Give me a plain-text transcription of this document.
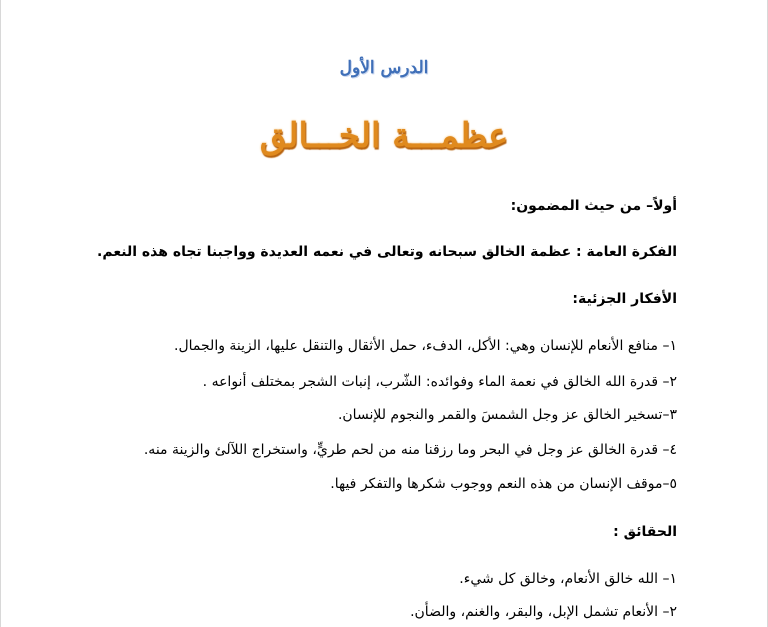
الدرس الأول
عظمـــة الخـــالق
أولاً– من حيث المضمون:
الفكرة العامة : عظمة الخالق سبحانه وتعالى في نعمه العديدة وواجبنا تجاه هذه النعم.
الأفكار الجزئية:
١– منافع الأنعام للإنسان وهي: الأكل، الدفء، حمل الأثقال والتنقل عليها، الزينة والجمال.
٢– قدرة الله الخالق في نعمة الماء وفوائده: الشّرب، إنبات الشجر بمختلف أنواعه .
٣–تسخير الخالق عز وجل الشمسَ والقمر والنجوم للإنسان.
٤– قدرة الخالق عز وجل في البحر وما رزقنا منه من لحم طريٍّ، واستخراج اللآلئ والزينة منه.
٥–موقف الإنسان من هذه النعم ووجوب شكرها والتفكر فيها.
الحقائق :
١– الله خالق الأنعام، وخالق كل شيء.
٢– الأنعام تشمل الإبل، والبقر، والغنم، والضأن.
